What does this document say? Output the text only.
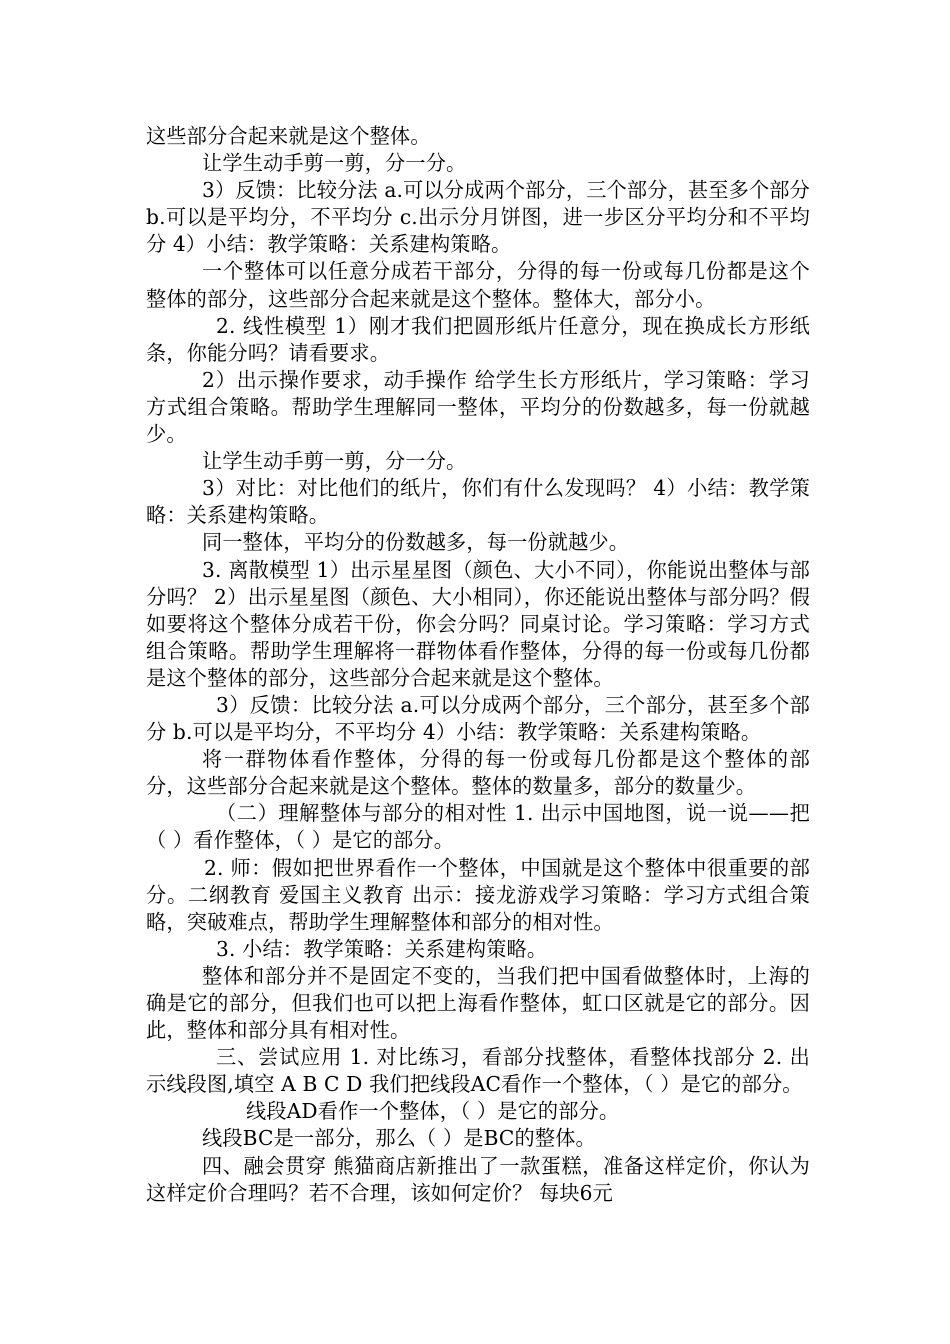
这些部分合起来就是这个整体。

让学生动手剪一剪，分一分。

3）反馈：比较分法 a.可以分成两个部分，三个部分，甚至多个部分 b.可以是平均分，不平均分 c.出示分月饼图，进一步区分平均分和不平均分 4）小结：教学策略：关系建构策略。

一个整体可以任意分成若干部分，分得的每一份或每几份都是这个整体的部分，这些部分合起来就是这个整体。整体大，部分小。

2. 线性模型 1）刚才我们把圆形纸片任意分，现在换成长方形纸条，你能分吗？请看要求。

2）出示操作要求，动手操作 给学生长方形纸片，学习策略：学习方式组合策略。帮助学生理解同一整体，平均分的份数越多，每一份就越少。

让学生动手剪一剪，分一分。

3）对比：对比他们的纸片，你们有什么发现吗？ 4）小结：教学策略：关系建构策略。

同一整体，平均分的份数越多，每一份就越少。

3. 离散模型 1）出示星星图（颜色、大小不同），你能说出整体与部分吗？ 2）出示星星图（颜色、大小相同），你还能说出整体与部分吗？假如要将这个整体分成若干份，你会分吗？同桌讨论。学习策略：学习方式组合策略。帮助学生理解将一群物体看作整体，分得的每一份或每几份都是这个整体的部分，这些部分合起来就是这个整体。

3）反馈：比较分法 a.可以分成两个部分，三个部分，甚至多个部分 b.可以是平均分，不平均分 4）小结：教学策略：关系建构策略。

将一群物体看作整体，分得的每一份或每几份都是这个整体的部分，这些部分合起来就是这个整体。整体的数量多，部分的数量少。

（二）理解整体与部分的相对性 1. 出示中国地图，说一说——把（ ）看作整体，（ ）是它的部分。

2. 师：假如把世界看作一个整体，中国就是这个整体中很重要的部分。二纲教育 爱国主义教育 出示：接龙游戏学习策略：学习方式组合策略，突破难点，帮助学生理解整体和部分的相对性。

3. 小结：教学策略：关系建构策略。

整体和部分并不是固定不变的，当我们把中国看做整体时，上海的确是它的部分，但我们也可以把上海看作整体，虹口区就是它的部分。因此，整体和部分具有相对性。

三、尝试应用 1. 对比练习，看部分找整体，看整体找部分 2. 出示线段图,填空 A B C D 我们把线段AC看作一个整体，（ ）是它的部分。

线段AD看作一个整体，（ ）是它的部分。

线段BC是一部分，那么（ ）是BC的整体。

四、融会贯穿 熊猫商店新推出了一款蛋糕，准备这样定价，你认为这样定价合理吗？若不合理，该如何定价？ 每块6元
